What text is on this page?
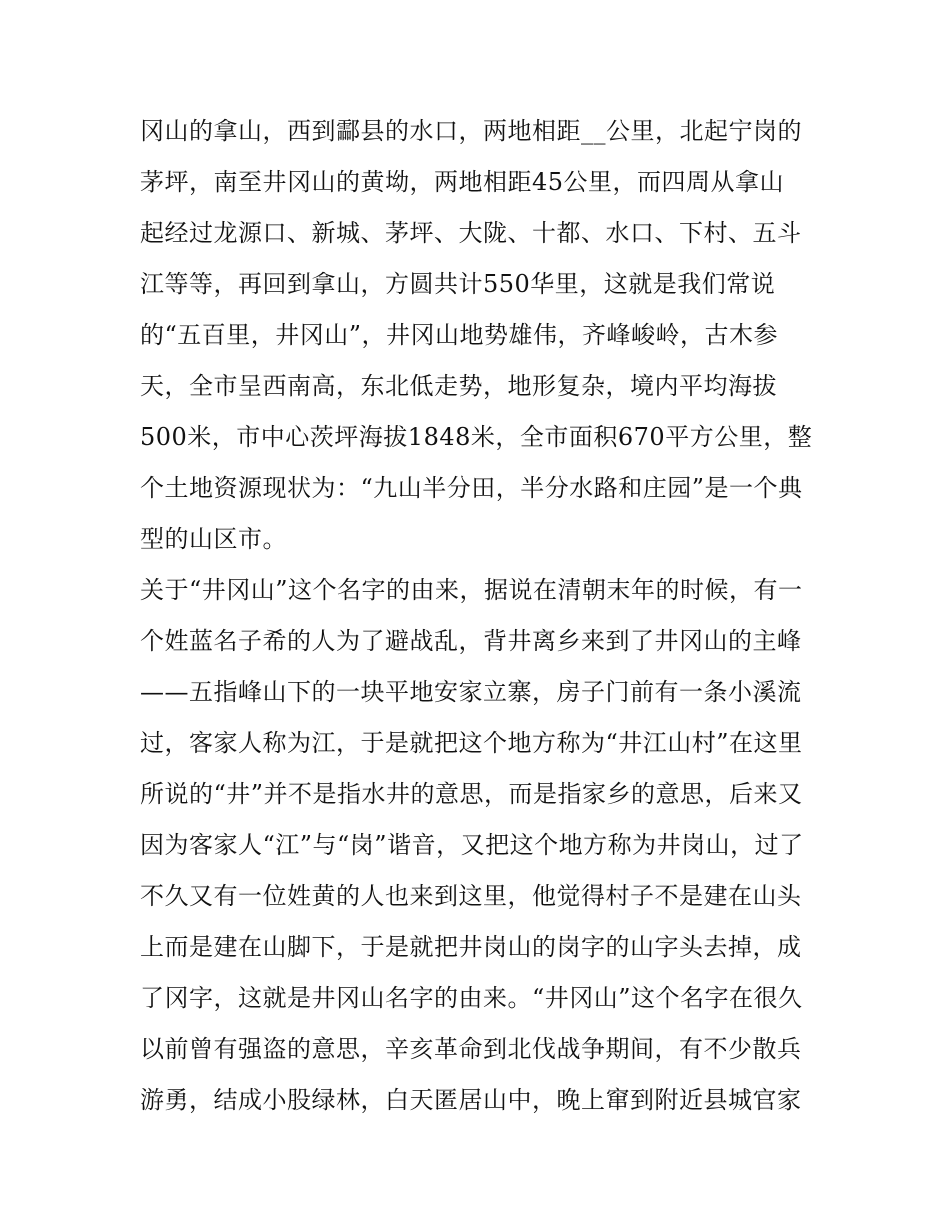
冈山的拿山，西到酃县的水口，两地相距__公里，北起宁岗的
茅坪，南至井冈山的黄坳，两地相距45公里，而四周从拿山
起经过龙源口、新城、茅坪、大陇、十都、水口、下村、五斗
江等等，再回到拿山，方圆共计550华里，这就是我们常说
的“五百里，井冈山”，井冈山地势雄伟，齐峰峻岭，古木参
天，全市呈西南高，东北低走势，地形复杂，境内平均海拔
500米，市中心茨坪海拔1848米，全市面积670平方公里，整
个土地资源现状为：“九山半分田，半分水路和庄园”是一个典
型的山区市。
关于“井冈山”这个名字的由来，据说在清朝末年的时候，有一
个姓蓝名子希的人为了避战乱，背井离乡来到了井冈山的主峰
——五指峰山下的一块平地安家立寨，房子门前有一条小溪流
过，客家人称为江，于是就把这个地方称为“井江山村”在这里
所说的“井”并不是指水井的意思，而是指家乡的意思，后来又
因为客家人“江”与“岗”谐音，又把这个地方称为井岗山，过了
不久又有一位姓黄的人也来到这里，他觉得村子不是建在山头
上而是建在山脚下，于是就把井岗山的岗字的山字头去掉，成
了冈字，这就是井冈山名字的由来。“井冈山”这个名字在很久
以前曾有强盗的意思，辛亥革命到北伐战争期间，有不少散兵
游勇，结成小股绿林，白天匿居山中，晚上窜到附近县城官家
